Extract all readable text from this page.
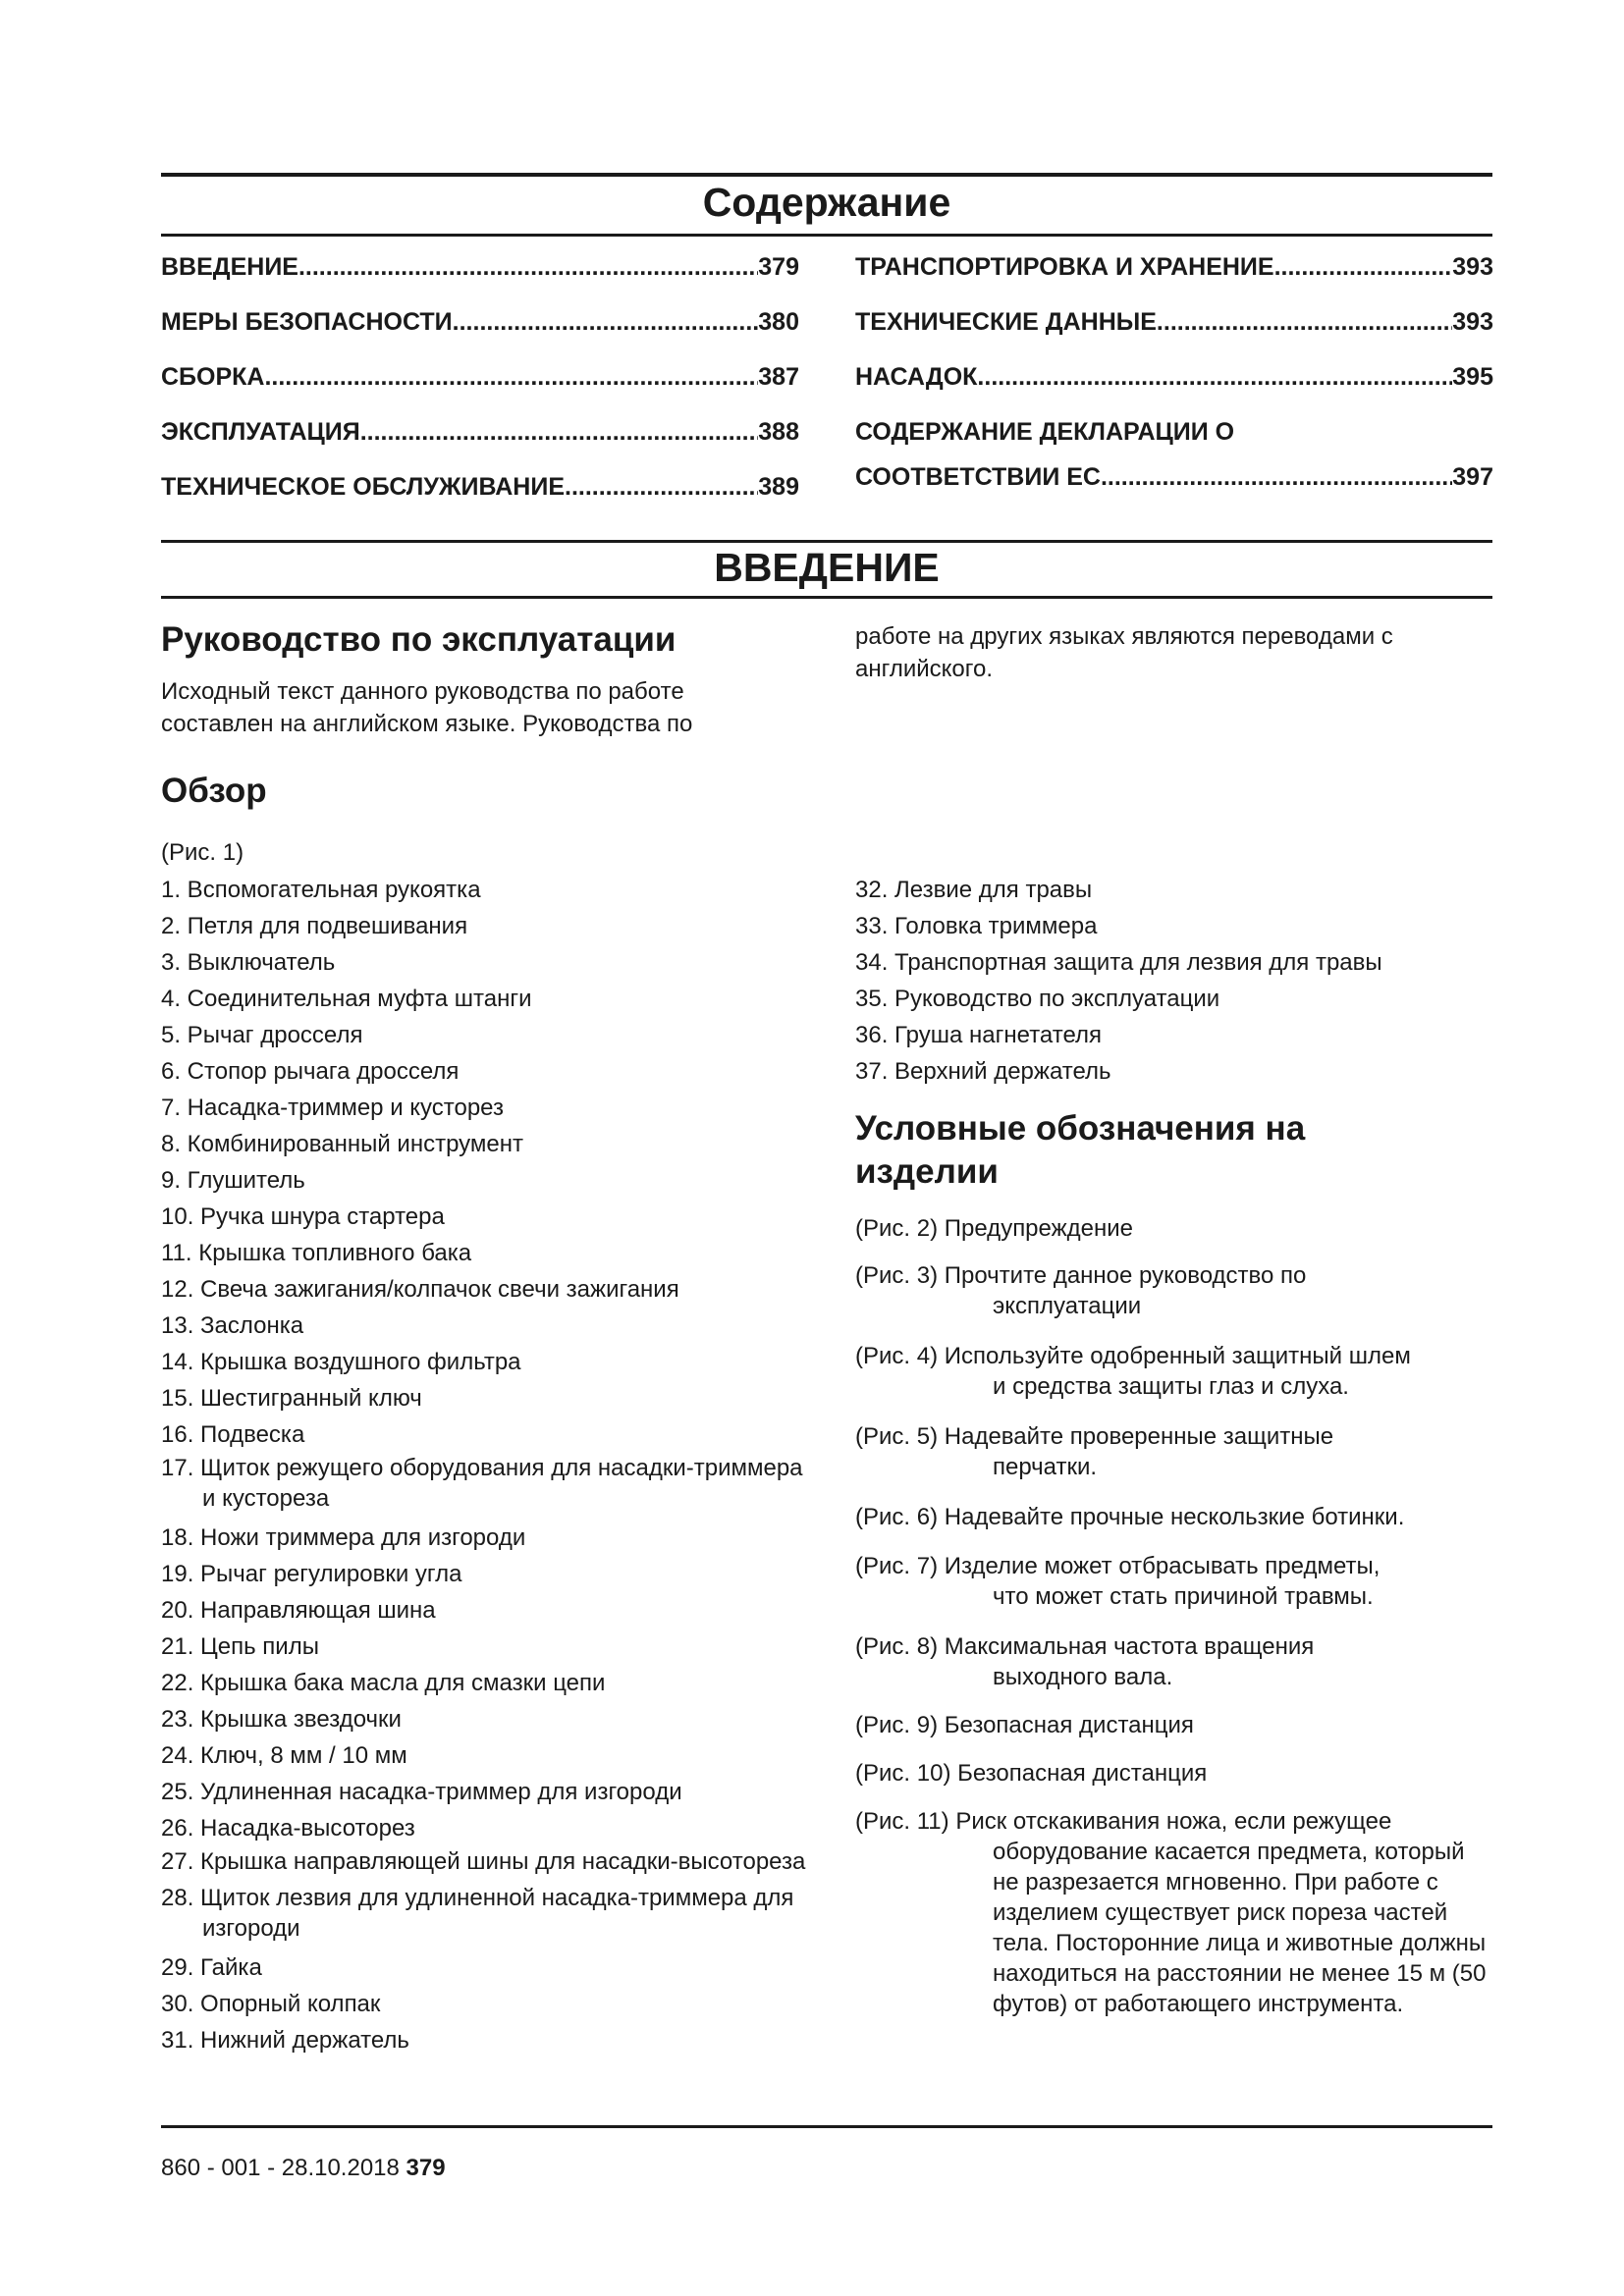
Содержание
ВВЕДЕНИЕ .....	379
МЕРЫ БЕЗОПАСНОСТИ .....	380
СБОРКА .....	387
ЭКСПЛУАТАЦИЯ .....	388
ТЕХНИЧЕСКОЕ ОБСЛУЖИВАНИЕ .....	389
ТРАНСПОРТИРОВКА И ХРАНЕНИЕ .....	393
ТЕХНИЧЕСКИЕ ДАННЫЕ .....	393
НАСАДОК .....	395
СОДЕРЖАНИЕ ДЕКЛАРАЦИИ О
СООТВЕТСТВИИ ЕС .....	397
ВВЕДЕНИЕ
Руководство по эксплуатации

Исходный текст данного руководства по работе составлен на английском языке. Руководства по

работе на других языках являются переводами с английского.

Обзор

(Рис. 1)

1. Вспомогательная рукоятка
2. Петля для подвешивания
3. Выключатель
4. Соединительная муфта штанги
5. Рычаг дросселя
6. Стопор рычага дросселя
7. Насадка-триммер и кусторез
8. Комбинированный инструмент
9. Глушитель
10. Ручка шнура стартера
11. Крышка топливного бака
12. Свеча зажигания/колпачок свечи зажигания
13. Заслонка
14. Крышка воздушного фильтра
15. Шестигранный ключ
16. Подвеска
17. Щиток режущего оборудования для насадки-триммера и кустореза
18. Ножи триммера для изгороди
19. Рычаг регулировки угла
20. Направляющая шина
21. Цепь пилы
22. Крышка бака масла для смазки цепи
23. Крышка звездочки
24. Ключ, 8 мм / 10 мм
25. Удлиненная насадка-триммер для изгороди
26. Насадка-высоторез
27. Крышка направляющей шины для насадки-высотореза
28. Щиток лезвия для удлиненной насадка-триммера для изгороди
29. Гайка
30. Опорный колпак
31. Нижний держатель
32. Лезвие для травы
33. Головка триммера
34. Транспортная защита для лезвия для травы
35. Руководство по эксплуатации
36. Груша нагнетателя
37. Верхний держатель
Условные обозначения на изделии
(Рис. 2) Предупреждение
(Рис. 3) Прочтите данное руководство по
эксплуатации
(Рис. 4) Используйте одобренный защитный шлем
и средства защиты глаз и слуха.
(Рис. 5) Надевайте проверенные защитные
перчатки.
(Рис. 6) Надевайте прочные нескользкие ботинки.
(Рис. 7) Изделие может отбрасывать предметы,
что может стать причиной травмы.
(Рис. 8) Максимальная частота вращения
выходного вала.
(Рис. 9) Безопасная дистанция
(Рис. 10) Безопасная дистанция
(Рис. 11) Риск отскакивания ножа, если режущее
оборудование касается предмета, который не разрезается мгновенно. При работе с изделием существует риск пореза частей тела. Посторонние лица и животные должны находиться на расстоянии не менее 15 м (50 футов) от работающего инструмента.
860 - 001 - 28.10.2018 379
